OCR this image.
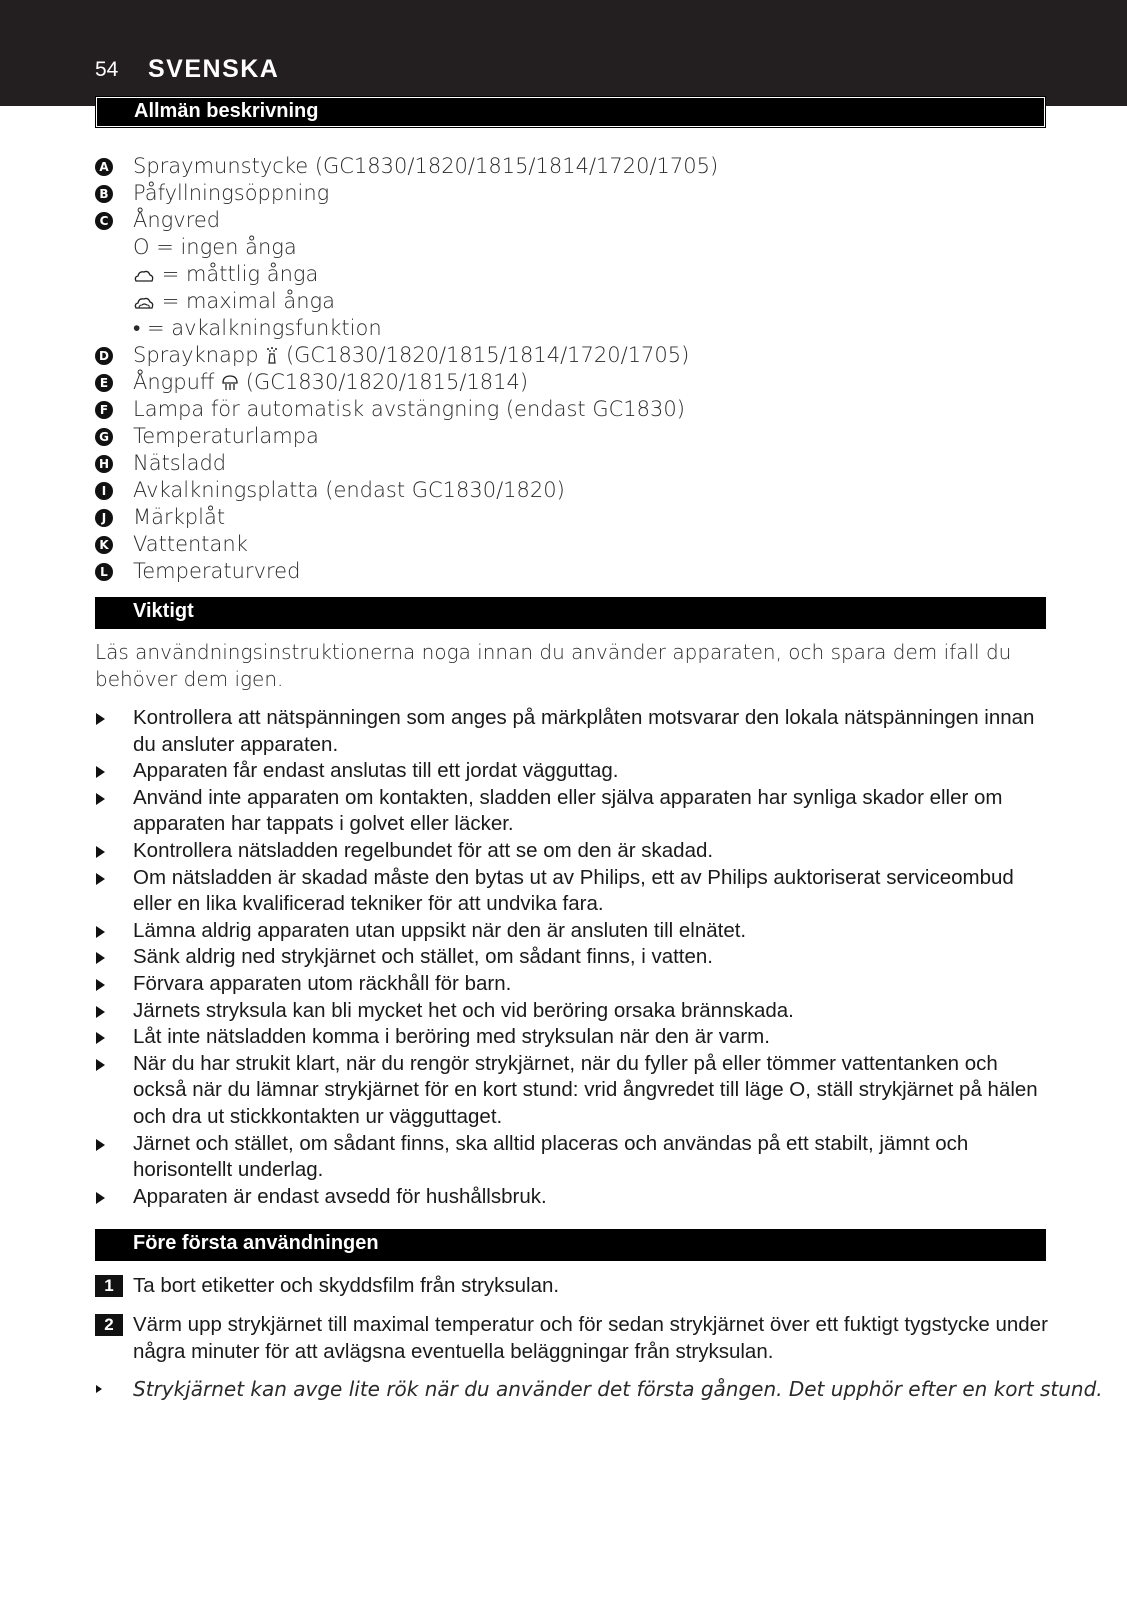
54 SVENSKA
Allmän beskrivning
A Spraymunstycke (GC1830/1820/1815/1814/1720/1705)
B Påfyllningsöppning
C Ångvred
O = ingen ånga
= måttlig ånga
= maximal ånga
• = avkalkningsfunktion
D Sprayknapp (GC1830/1820/1815/1814/1720/1705)
E Ångpuff (GC1830/1820/1815/1814)
F Lampa för automatisk avstängning (endast GC1830)
G Temperaturlampa
H Nätsladd
I	Avkalkningsplatta (endast GC1830/1820)
J	Märkplåt
K Vattentank
L Temperaturvred
Viktigt
Läs användningsinstruktionerna noga innan du använder apparaten, och spara dem ifall du behöver dem igen.
Kontrollera att nätspänningen som anges på märkplåten motsvarar den lokala nätspänningen innan du ansluter apparaten.
Apparaten får endast anslutas till ett jordat vägguttag.
Använd inte apparaten om kontakten, sladden eller själva apparaten har synliga skador eller om apparaten har tappats i golvet eller läcker.
Kontrollera nätsladden regelbundet för att se om den är skadad.
Om nätsladden är skadad måste den bytas ut av Philips, ett av Philips auktoriserat serviceombud eller en lika kvalificerad tekniker för att undvika fara.
Lämna aldrig apparaten utan uppsikt när den är ansluten till elnätet.
Sänk aldrig ned strykjärnet och stället, om sådant finns, i vatten.
Förvara apparaten utom räckhåll för barn.
Järnets stryksula kan bli mycket het och vid beröring orsaka brännskada.
Låt inte nätsladden komma i beröring med stryksulan när den är varm.
När du har strukit klart, när du rengör strykjärnet, när du fyller på eller tömmer vattentanken och också när du lämnar strykjärnet för en kort stund: vrid ångvredet till läge O, ställ strykjärnet på hälen och dra ut stickkontakten ur vägguttaget.
Järnet och stället, om sådant finns, ska alltid placeras och användas på ett stabilt, jämnt och horisontellt underlag.
Apparaten är endast avsedd för hushållsbruk.
Före första användningen
1 Ta bort etiketter och skyddsfilm från stryksulan.
2 Värm upp strykjärnet till maximal temperatur och för sedan strykjärnet över ett fuktigt tygstycke under några minuter för att avlägsna eventuella beläggningar från stryksulan.
Strykjärnet kan avge lite rök när du använder det första gången. Det upphör efter en kort stund.
